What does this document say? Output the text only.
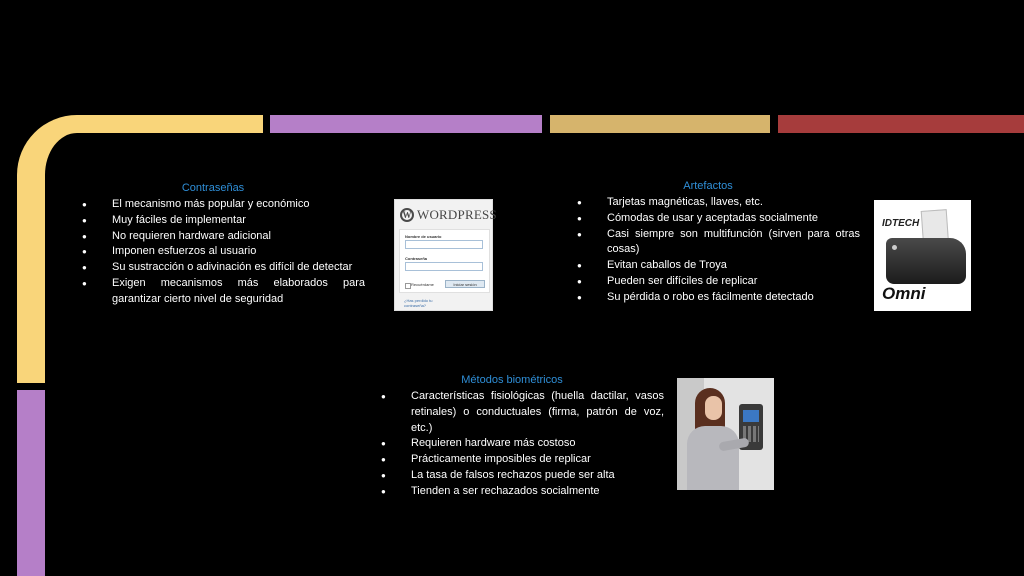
Contraseñas
● El mecanismo más popular y económico
● Muy fáciles de implementar
● No requieren hardware adicional
● Imponen esfuerzos al usuario
● Su sustracción o adivinación es difícil de detectar
● Exigen mecanismos más elaborados para garantizar cierto nivel de seguridad
W WORDPRESS
Nombre de usuario
Contraseña
Recuérdame	Iniciar sesión
¿Has perdido tu contraseña?
Artefactos
● Tarjetas magnéticas, llaves, etc.
● Cómodas de usar y aceptadas socialmente
● Casi siempre son multifunción (sirven para otras cosas)
● Evitan caballos de Troya
● Pueden ser difíciles de replicar
● Su pérdida o robo es fácilmente detectado
IDTECH
Omni
Métodos biométricos
● Características fisiológicas (huella dactilar, vasos retinales) o conductuales (firma, patrón de voz, etc.)
● Requieren hardware más costoso
● Prácticamente imposibles de replicar
● La tasa de falsos rechazos puede ser alta
● Tienden a ser rechazados socialmente
